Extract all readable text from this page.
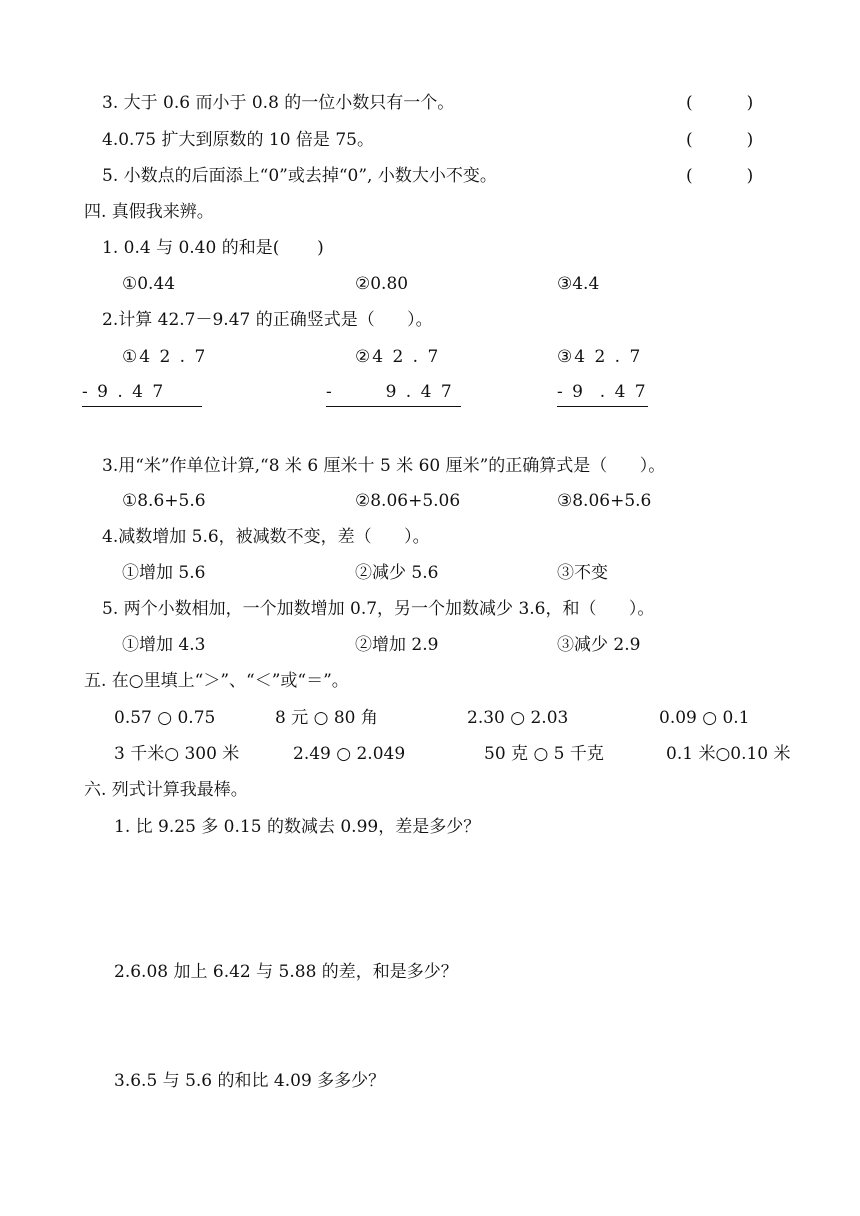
3. 大于 0.6 而小于 0.8 的一位小数只有一个。	(          )
4.0.75 扩大到原数的 10 倍是 75。	(          )
5. 小数点的后面添上“0”或去掉“0”, 小数大小不变。	(          )
四. 真假我来辨。
1. 0.4 与 0.40 的和是(       )
①0.44	②0.80	③4.4
2.计算 42.7－9.47 的正确竖式是（      ）。
①4 2 . 7	②4 2 . 7	③4 2 . 7
- 9 . 4 7	-       9 . 4 7	- 9  . 4 7
3.用“米”作单位计算,“8 米 6 厘米十 5 米 60 厘米”的正确算式是（      ）。
①8.6+5.6	②8.06+5.06	③8.06+5.6
4.减数增加 5.6，被减数不变，差（      ）。
①增加 5.6	②减少 5.6	③不变
5. 两个小数相加，一个加数增加 0.7，另一个加数减少 3.6，和（      ）。
①增加 4.3	②增加 2.9	③减少 2.9
五. 在○里填上“＞”、“＜”或“＝”。
0.57 ○ 0.75	8 元 ○ 80 角	2.30 ○ 2.03	0.09 ○ 0.1
3 千米○ 300 米	2.49 ○ 2.049	50 克 ○ 5 千克	0.1 米○0.10 米
六. 列式计算我最棒。
1. 比 9.25 多 0.15 的数减去 0.99，差是多少？
2.6.08 加上 6.42 与 5.88 的差，和是多少？
3.6.5 与 5.6 的和比 4.09 多多少？
